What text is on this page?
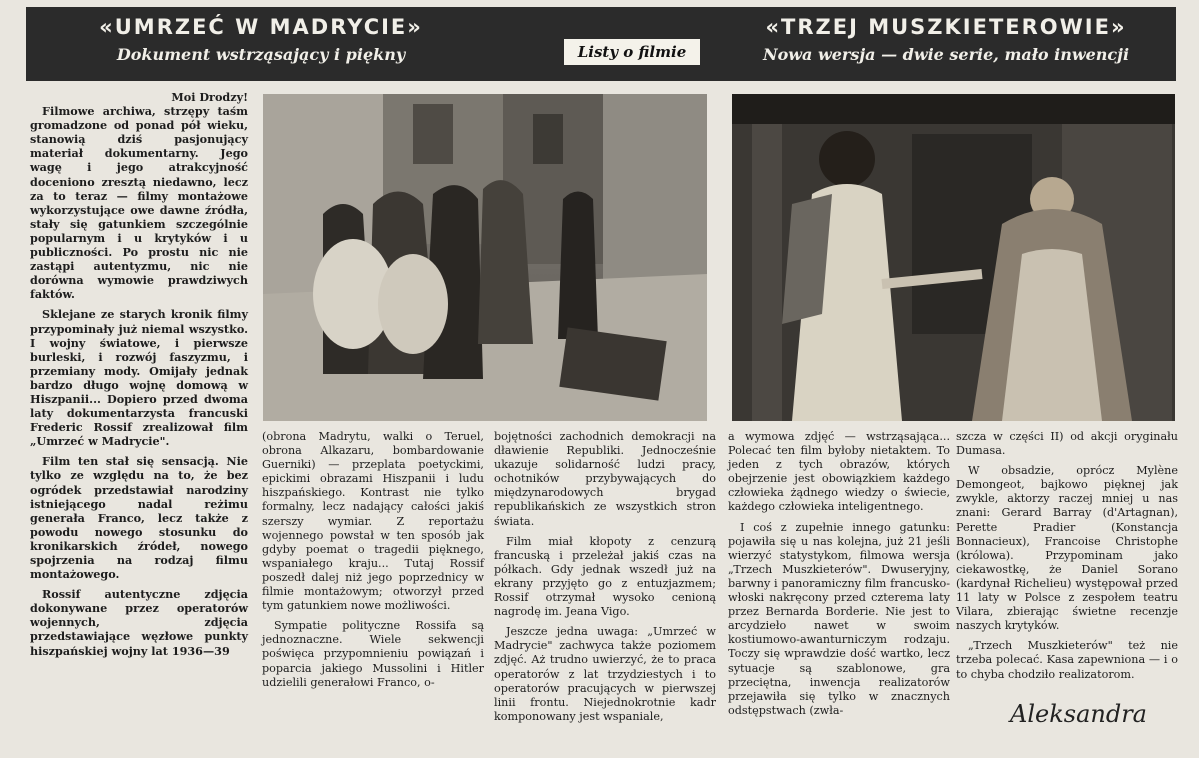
«UMRZEĆ W MADRYCIE»
Dokument wstrząsający i piękny	Listy o filmie
«TRZEJ MUSZKIETEROWIE»
Nowa wersja — dwie serie, mało inwencji

Moi Drodzy!

Filmowe archiwa, strzępy taśm gromadzone od ponad pół wieku, stanowią dziś pasjonujący materiał dokumentarny. Jego wagę i jego atrakcyjność doceniono zresztą niedawno, lecz za to teraz — filmy montażowe wykorzystujące owe dawne źródła, stały się gatunkiem szczególnie popularnym i u krytyków i u publiczności. Po prostu nic nie zastąpi autentyzmu, nic nie dorówna wymowie prawdziwych faktów.

Sklejane ze starych kronik filmy przypominały już niemal wszystko. I wojny światowe, i pierwsze burleski, i rozwój faszyzmu, i przemiany mody. Omijały jednak bardzo długo wojnę domową w Hiszpanii... Dopiero przed dwoma laty dokumentarzysta francuski Frederic Rossif zrealizował film „Umrzeć w Madrycie".

Film ten stał się sensacją. Nie tylko ze względu na to, że bez ogródek przedstawiał narodziny istniejącego nadal reżimu generała Franco, lecz także z powodu nowego stosunku do kronikarskich źródeł, nowego spojrzenia na rodzaj filmu montażowego.

Rossif autentyczne zdjęcia dokonywane przez operatorów wojennych, zdjęcia przedstawiające węzłowe punkty hiszpańskiej wojny lat 1936—39

(obrona Madrytu, walki o Teruel, obrona Alkazaru, bombardowanie Guerniki) — przeplata poetyckimi, epickimi obrazami Hiszpanii i ludu hiszpańskiego. Kontrast nie tylko formalny, lecz nadający całości jakiś szerszy wymiar. Z reportażu wojennego powstał w ten sposób jak gdyby poemat o tragedii pięknego, wspaniałego kraju... Tutaj Rossif poszedł dalej niż jego poprzednicy w filmie montażowym; otworzył przed tym gatunkiem nowe możliwości.

Sympatie polityczne Rossifa są jednoznaczne. Wiele sekwencji poświęca przypomnieniu powiązań i poparcia jakiego Mussolini i Hitler udzielili generałowi Franco, o-

bojętności zachodnich demokracji na dławienie Republiki. Jednocześnie ukazuje solidarność ludzi pracy, ochotników przybywających do międzynarodowych brygad republikańskich ze wszystkich stron świata.

Film miał kłopoty z cenzurą francuską i przeleżał jakiś czas na półkach. Gdy jednak wszedł już na ekrany przyjęto go z entuzjazmem; Rossif otrzymał wysoko cenioną nagrodę im. Jeana Vigo.

Jeszcze jedna uwaga: „Umrzeć w Madrycie" zachwyca także poziomem zdjęć. Aż trudno uwierzyć, że to praca operatorów z lat trzydziestych i to operatorów pracujących w pierwszej linii frontu. Niejednokrotnie kadr komponowany jest wspaniale,

a wymowa zdjęć — wstrząsająca... Polecać ten film byłoby nietaktem. To jeden z tych obrazów, których obejrzenie jest obowiązkiem każdego człowieka żądnego wiedzy o świecie, każdego człowieka inteligentnego.

I coś z zupełnie innego gatunku: pojawiła się u nas kolejna, już 21 jeśli wierzyć statystykom, filmowa wersja „Trzech Muszkieterów". Dwuseryjny, barwny i panoramiczny film francusko-włoski nakręcony przed czterema laty przez Bernarda Borderie. Nie jest to arcydzieło nawet w swoim kostiumowo-awanturniczym rodzaju. Toczy się wprawdzie dość wartko, lecz sytuacje są szablonowe, gra przeciętna, inwencja realizatorów przejawiła się tylko w znacznych odstępstwach (zwła-

szcza w części II) od akcji oryginału Dumasa.

W obsadzie, oprócz Mylène Demongeot, bajkowo pięknej jak zwykle, aktorzy raczej mniej u nas znani: Gerard Barray (d'Artagnan), Perette Pradier (Konstancja Bonnacieux), Francoise Christophe (królowa). Przypominam jako ciekawostkę, że Daniel Sorano (kardynał Richelieu) występował przed 11 laty w Polsce z zespołem teatru Vilara, zbierając świetne recenzje naszych krytyków.

„Trzech Muszkieterów" też nie trzeba polecać. Kasa zapewniona — i o to chyba chodziło realizatorom.

Aleksandra
